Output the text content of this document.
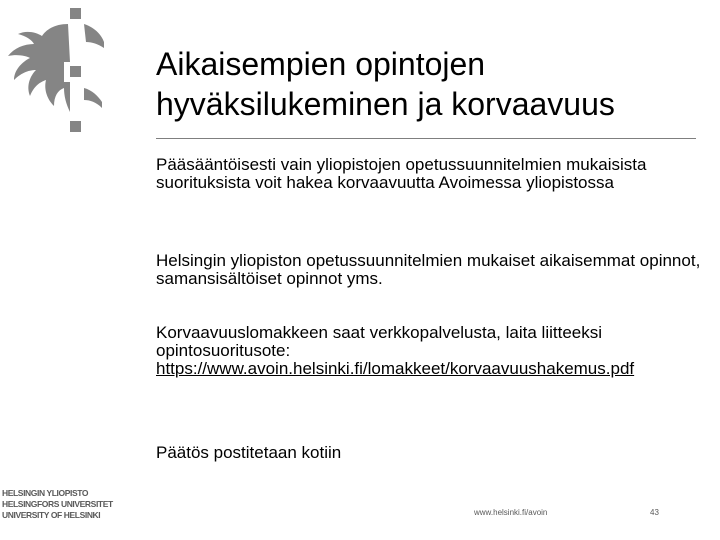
Aikaisempien opintojen hyväksilukeminen ja korvaavuus

Pääsääntöisesti vain yliopistojen opetussuunnitelmien mukaisista suorituksista voit hakea korvaavuutta Avoimessa yliopistossa

Helsingin yliopiston opetussuunnitelmien mukaiset aikaisemmat opinnot, samansisältöiset opinnot yms.

Korvaavuuslomakkeen saat verkkopalvelusta, laita liitteeksi opintosuoritusote:
https://www.avoin.helsinki.fi/lomakkeet/korvaavuushakemus.pdf

Päätös postitetaan kotiin

HELSINGIN YLIOPISTO
HELSINGFORS UNIVERSITET
UNIVERSITY OF HELSINKI	www.helsinki.fi/avoin	43
